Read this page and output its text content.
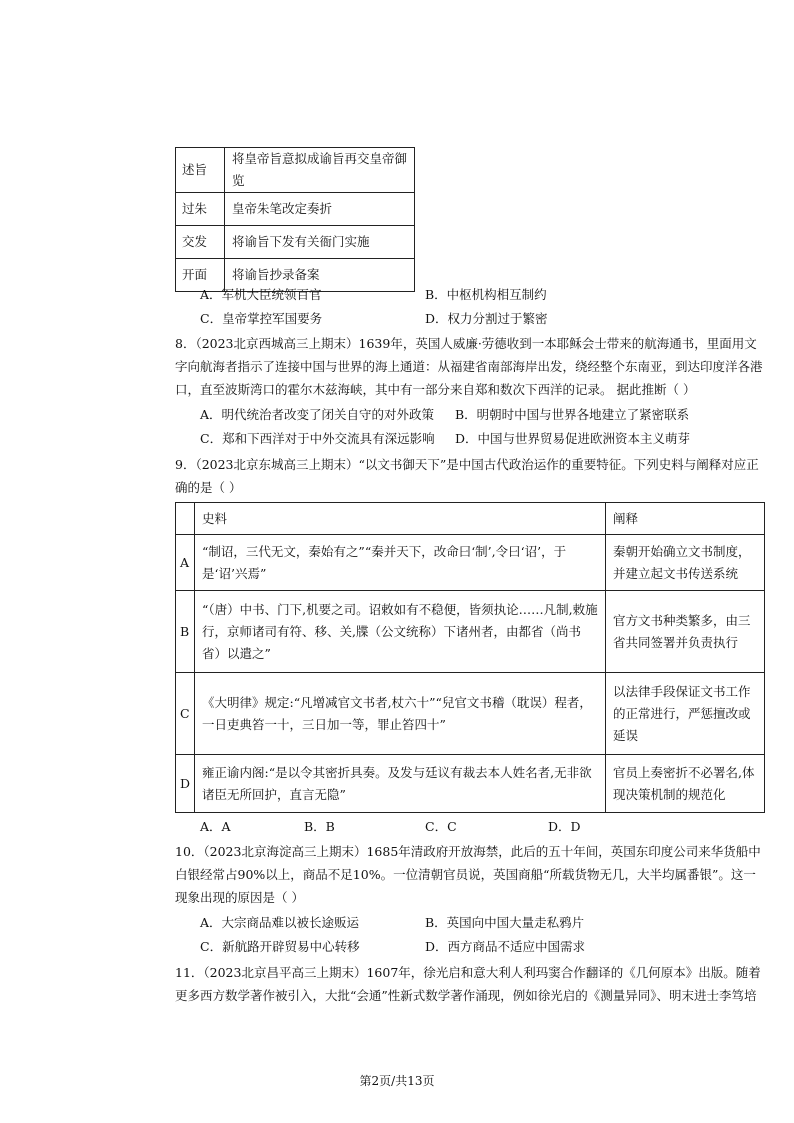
述旨	将皇帝旨意拟成谕旨再交皇帝御览
过朱	皇帝朱笔改定奏折
交发	将谕旨下发有关衙门实施
开面	将谕旨抄录备案
A．军机大臣统领百官	B．中枢机构相互制约
C．皇帝掌控军国要务	D．权力分割过于繁密
8．（2023北京西城高三上期末）1639年，英国人威廉·劳德收到一本耶稣会士带来的航海通书，里面用文字向航海者指示了连接中国与世界的海上通道：从福建省南部海岸出发，绕经整个东南亚，到达印度洋各港口，直至波斯湾口的霍尔木兹海峡，其中有一部分来自郑和数次下西洋的记录。 据此推断（ ）
A．明代统治者改变了闭关自守的对外政策 B．明朝时中国与世界各地建立了紧密联系
C．郑和下西洋对于中外交流具有深远影响 D．中国与世界贸易促进欧洲资本主义萌芽
9．（2023北京东城高三上期末）“以文书御天下”是中国古代政治运作的重要特征。下列史料与阐释对应正确的是（ ）
	史料	阐释
A	“制诏，三代无文，秦始有之”“秦并天下，改命曰‘制’,令曰‘诏’，于是‘诏’兴焉”	秦朝开始确立文书制度，并建立起文书传送系统
B	“（唐）中书、门下,机要之司。诏敕如有不稳便，皆须执论……凡制,敕施行，京师诸司有符、移、关,牒（公文统称）下诸州者，由都省（尚书省）以遣之”	官方文书种类繁多，由三省共同签署并负责执行
C	《大明律》规定:“凡增减官文书者,杖六十”“兒官文书稽（耽误）程者，一日吏典笞一十，三日加一等，罪止笞四十”	以法律手段保证文书工作的正常进行，严惩擅改或延误
D	雍正谕内阁:“是以令其密折具奏。及发与廷议有裁去本人姓名者,无非欲诸臣无所回护，直言无隐”	官员上奏密折不必署名,体现决策机制的规范化
A．A	B．B	C．C	D．D
10．（2023北京海淀高三上期末）1685年清政府开放海禁，此后的五十年间，英国东印度公司来华货船中白银经常占90%以上，商品不足10%。一位清朝官员说，英国商船“所载货物无几，大半均属番银”。这一现象出现的原因是（ ）
A．大宗商品难以被长途贩运	B．英国向中国大量走私鸦片
C．新航路开辟贸易中心转移	D．西方商品不适应中国需求
11．（2023北京昌平高三上期末）1607年，徐光启和意大利人利玛窦合作翻译的《几何原本》出版。随着更多西方数学著作被引入，大批“会通”性新式数学著作涌现，例如徐光启的《测量异同》、明末进士李笃培
第2页/共13页
